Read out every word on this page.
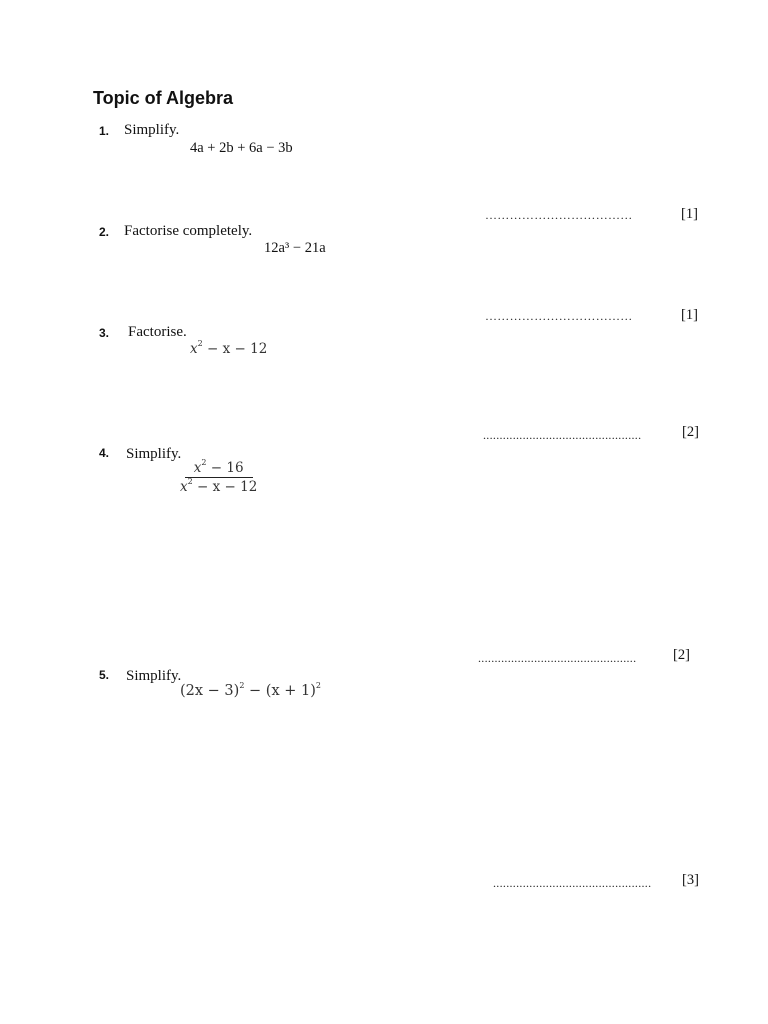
Topic of Algebra
1. Simplify.
4a + 2b + 6a − 3b
………………………………	[1]
2. Factorise completely.
12a³ − 21a
………………………………	[1]
3. Factorise.
$x^2 - x - 12$
................................................	[2]
4. Simplify.
$x^2 - 16$
$x^2 - x - 12$
................................................	[2]
5. Simplify.
$(2x - 3)^2 - (x + 1)^2$
................................................ [3]
